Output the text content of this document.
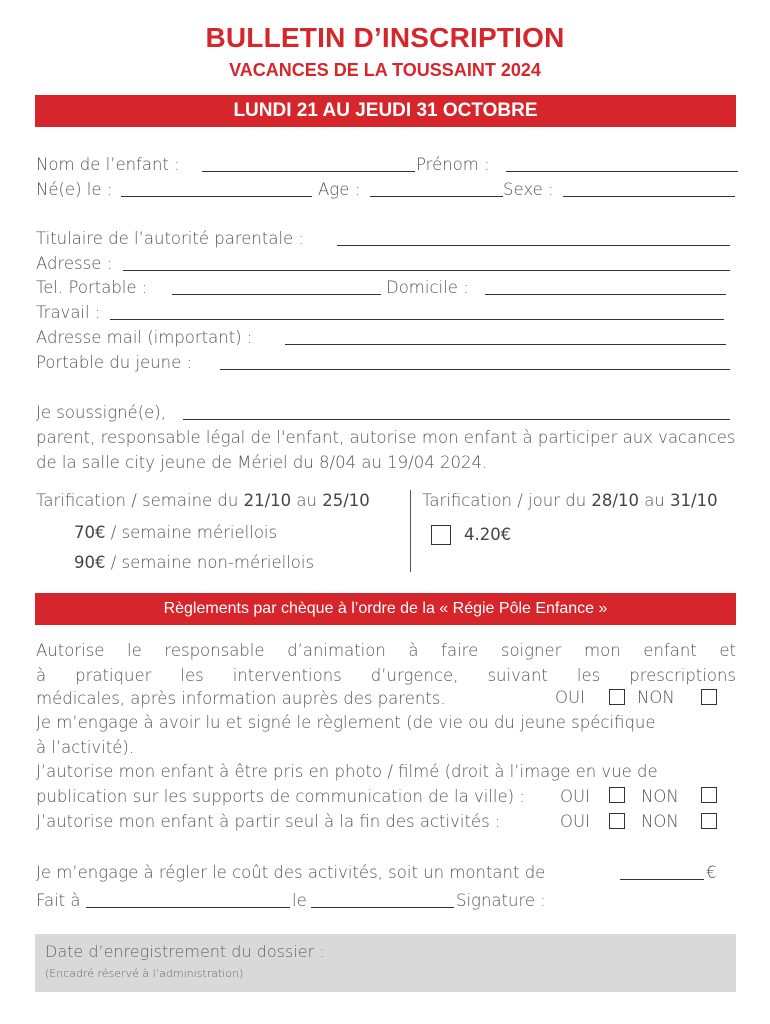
BULLETIN D’INSCRIPTION
VACANCES DE LA TOUSSAINT 2024
LUNDI 21 AU JEUDI 31 OCTOBRE
Nom de l’enfant :	Prénom :
Né(e) le :	Age :	Sexe :
Titulaire de l’autorité parentale :
Adresse :
Tel. Portable :	Domicile :
Travail :
Adresse mail (important) :
Portable du jeune :
Je soussigné(e),
parent, responsable légal de l'enfant, autorise mon enfant à participer aux vacances de la salle city jeune de Mériel du 8/04 au 19/04 2024.
Tarification / semaine du 21/10 au 25/10
70€ / semaine mériellois
90€ / semaine non-mériellois
Tarification / jour du 28/10 au 31/10
4.20€
Règlements par chèque à l’ordre de la « Régie Pôle Enfance »
Autorise le responsable d’animation à faire soigner mon enfant et
à pratiquer les interventions d’urgence, suivant les prescriptions
médicales, après information auprès des parents.	OUI	NON
Je m’engage à avoir lu et signé le règlement (de vie ou du jeune spécifique
à l’activité).
J’autorise mon enfant à être pris en photo / filmé (droit à l’image en vue de
publication sur les supports de communication de la ville) : OUI	NON
J’autorise mon enfant à partir seul à la fin des activités :	OUI	NON
Je m’engage à régler le coût des activités, soit un montant de	€
Fait à	le	Signature :
Date d’enregistrement du dossier :
(Encadré réservé à l’administration)
